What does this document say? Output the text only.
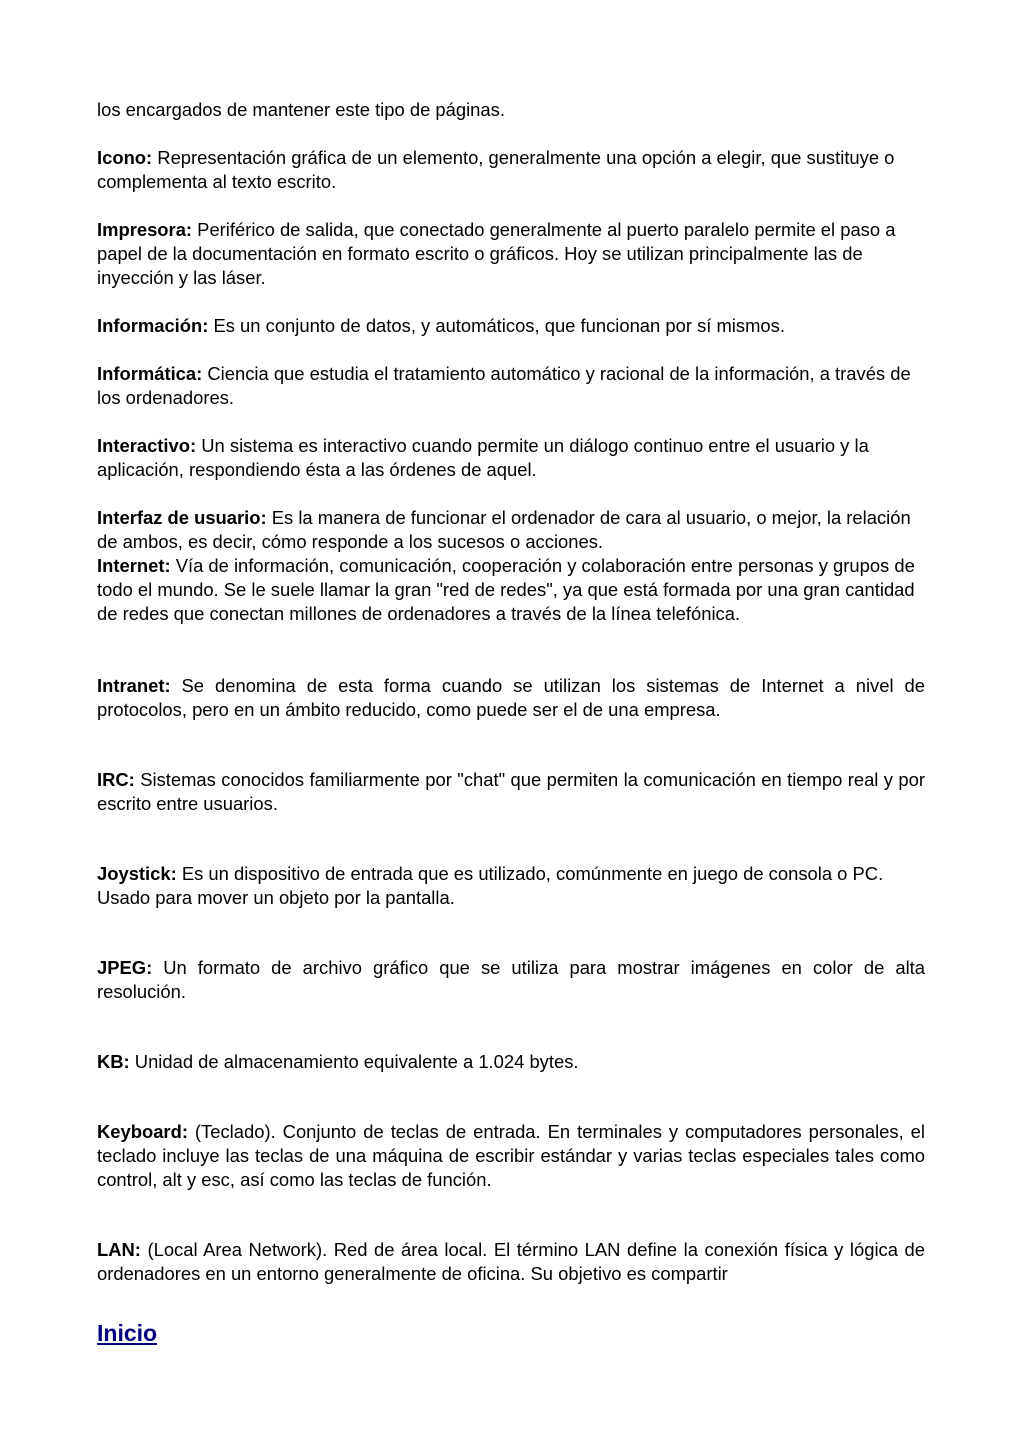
los encargados de mantener este tipo de páginas.

Icono: Representación gráfica de un elemento, generalmente una opción a elegir, que sustituye o complementa al texto escrito.

Impresora: Periférico de salida, que conectado generalmente al puerto paralelo permite el paso a papel de la documentación en formato escrito o gráficos. Hoy se utilizan principalmente las de inyección y las láser.

Información: Es un conjunto de datos, y automáticos, que funcionan por sí mismos.

Informática: Ciencia que estudia el tratamiento automático y racional de la información, a través de los ordenadores.

Interactivo: Un sistema es interactivo cuando permite un diálogo continuo entre el usuario y la aplicación, respondiendo ésta a las órdenes de aquel.

Interfaz de usuario: Es la manera de funcionar el ordenador de cara al usuario, o mejor, la relación de ambos, es decir, cómo responde a los sucesos o acciones.

Internet: Vía de información, comunicación, cooperación y colaboración entre personas y grupos de todo el mundo. Se le suele llamar la gran "red de redes", ya que está formada por una gran cantidad de redes que conectan millones de ordenadores a través de la línea telefónica.

Intranet: Se denomina de esta forma cuando se utilizan los sistemas de Internet a nivel de protocolos, pero en un ámbito reducido, como puede ser el de una empresa.

IRC: Sistemas conocidos familiarmente por "chat" que permiten la comunicación en tiempo real y por escrito entre usuarios.

Joystick: Es un dispositivo de entrada que es utilizado, comúnmente en juego de consola o PC. Usado para mover un objeto por la pantalla.

JPEG: Un formato de archivo gráfico que se utiliza para mostrar imágenes en color de alta resolución.

KB: Unidad de almacenamiento equivalente a 1.024 bytes.

Keyboard: (Teclado). Conjunto de teclas de entrada. En terminales y computadores personales, el teclado incluye las teclas de una máquina de escribir estándar y varias teclas especiales tales como control, alt y esc, así como las teclas de función.

LAN: (Local Area Network). Red de área local. El término LAN define la conexión física y lógica de ordenadores en un entorno generalmente de oficina. Su objetivo es compartir

Inicio
